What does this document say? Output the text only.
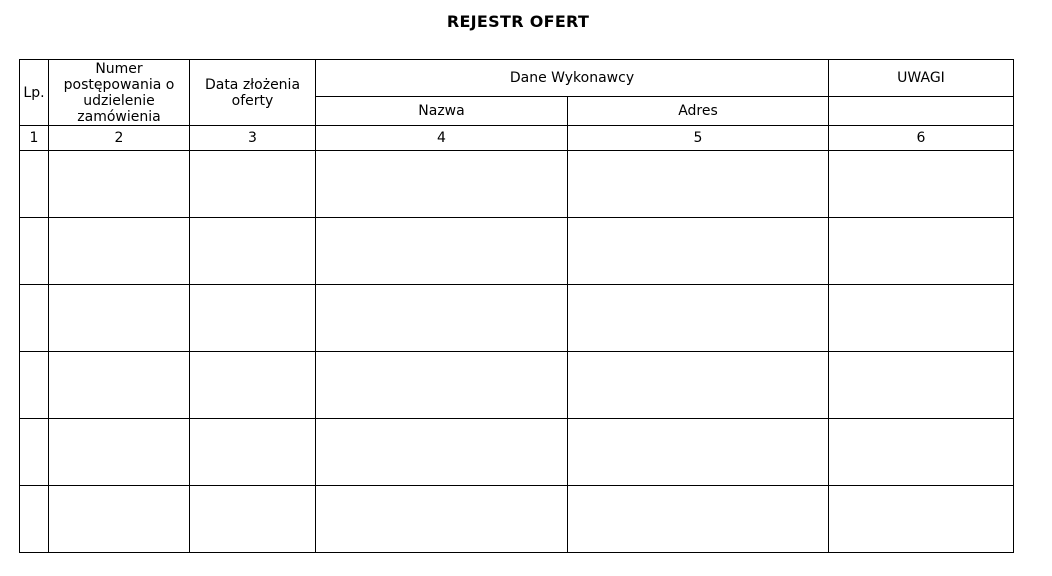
REJESTR OFERT
Lp.	Numer postępowania o udzielenie zamówienia	Data złożenia oferty	Dane Wykonawcy		UWAGI
			Nazwa	Adres	
1	2	3	4	5	6
